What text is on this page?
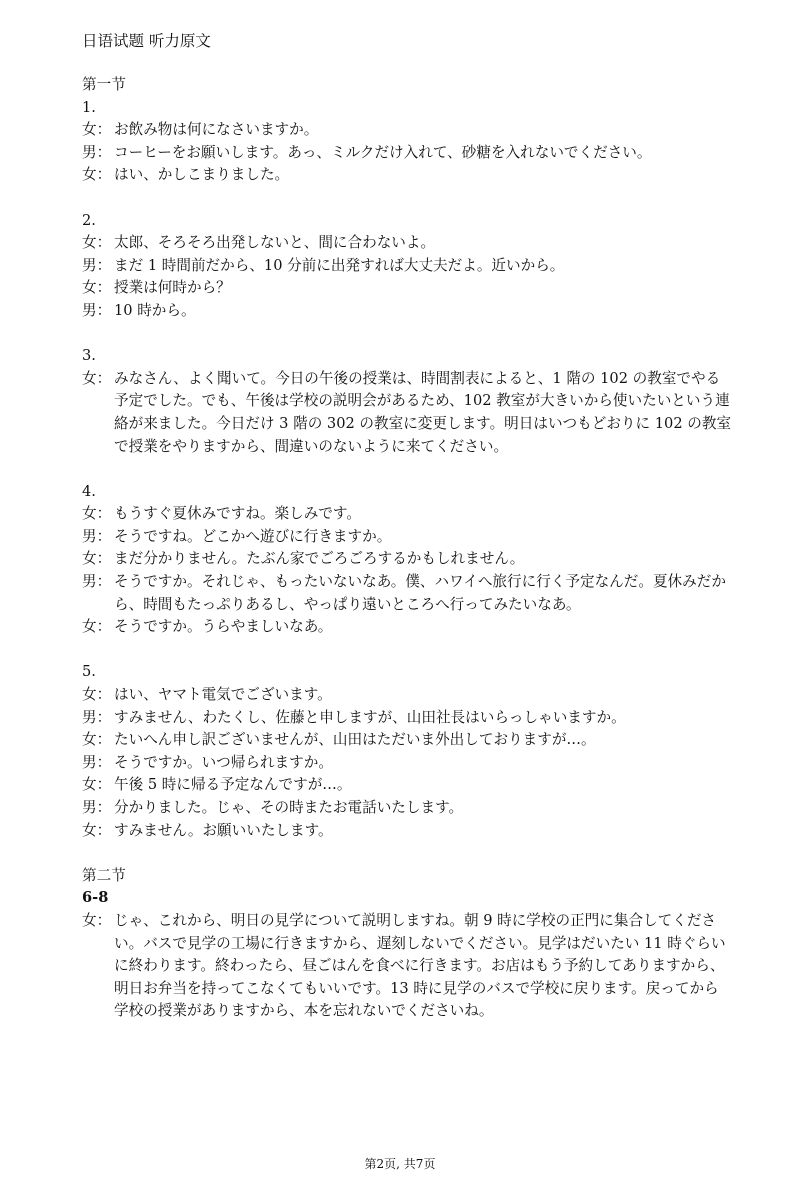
日语试题 听力原文
第一节
1.
女： お飲み物は何になさいますか。
男： コーヒーをお願いします。あっ、ミルクだけ入れて、砂糖を入れないでください。
女： はい、かしこまりました。
2.
女： 太郎、そろそろ出発しないと、間に合わないよ。
男： まだ 1 時間前だから、10 分前に出発すれば大丈夫だよ。近いから。
女： 授業は何時から？
男： 10 時から。
3.
女： みなさん、よく聞いて。今日の午後の授業は、時間割表によると、1 階の 102 の教室でやる予定でした。でも、午後は学校の説明会があるため、102 教室が大きいから使いたいという連絡が来ました。今日だけ 3 階の 302 の教室に変更します。明日はいつもどおりに 102 の教室で授業をやりますから、間違いのないように来てください。
4.
女： もうすぐ夏休みですね。楽しみです。
男： そうですね。どこかへ遊びに行きますか。
女： まだ分かりません。たぶん家でごろごろするかもしれません。
男： そうですか。それじゃ、もったいないなあ。僕、ハワイへ旅行に行く予定なんだ。夏休みだから、時間もたっぷりあるし、やっぱり遠いところへ行ってみたいなあ。
女： そうですか。うらやましいなあ。
5.
女： はい、ヤマト電気でございます。
男： すみません、わたくし、佐藤と申しますが、山田社長はいらっしゃいますか。
女： たいへん申し訳ございませんが、山田はただいま外出しておりますが…。
男： そうですか。いつ帰られますか。
女： 午後 5 時に帰る予定なんですが…。
男： 分かりました。じゃ、その時またお電話いたします。
女： すみません。お願いいたします。
第二节
6-8
女： じゃ、これから、明日の見学について説明しますね。朝 9 時に学校の正門に集合してください。バスで見学の工場に行きますから、遅刻しないでください。見学はだいたい 11 時ぐらいに終わります。終わったら、昼ごはんを食べに行きます。お店はもう予約してありますから、明日お弁当を持ってこなくてもいいです。13 時に見学のバスで学校に戻ります。戻ってから学校の授業がありますから、本を忘れないでくださいね。
第2页, 共7页
